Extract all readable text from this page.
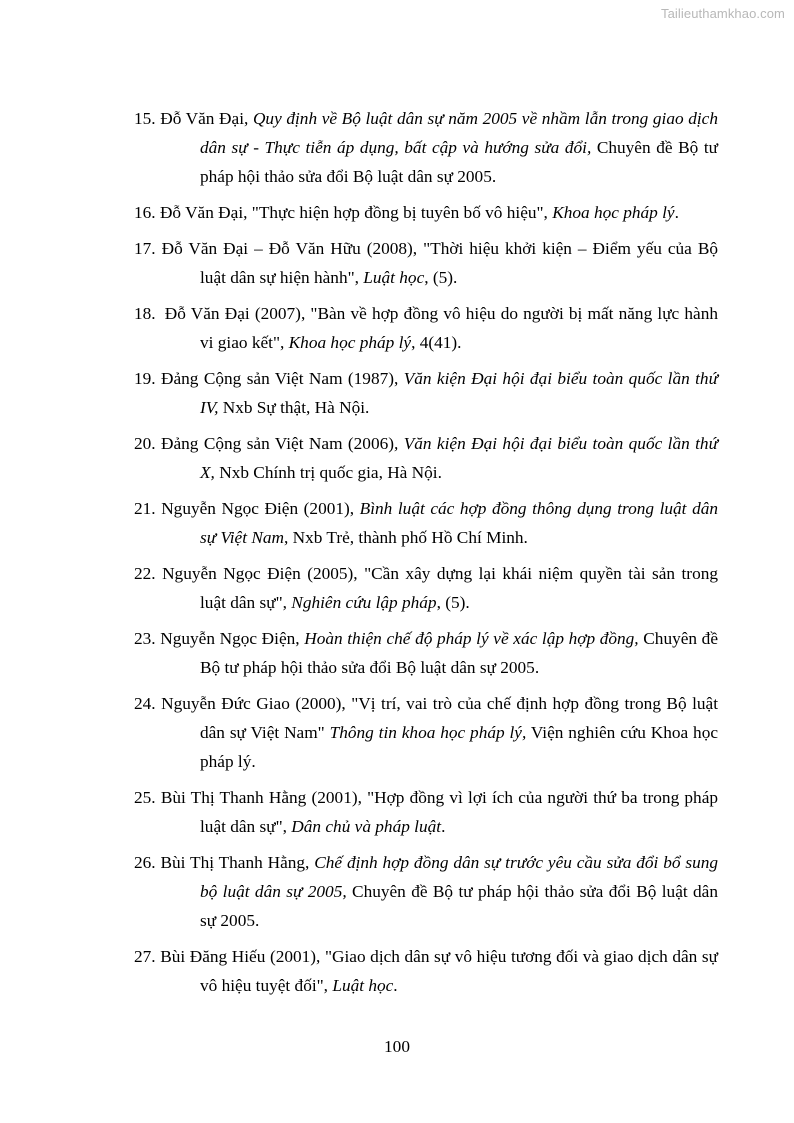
Tailieuthamkhao.com
15. Đỗ Văn Đại, Quy định về Bộ luật dân sự năm 2005 về nhầm lẫn trong giao dịch dân sự - Thực tiễn áp dụng, bất cập và hướng sửa đổi, Chuyên đề Bộ tư pháp hội thảo sửa đổi Bộ luật dân sự 2005.
16. Đỗ Văn Đại, "Thực hiện hợp đồng bị tuyên bố vô hiệu", Khoa học pháp lý.
17. Đỗ Văn Đại – Đỗ Văn Hữu (2008), "Thời hiệu khởi kiện – Điểm yếu của Bộ luật dân sự hiện hành", Luật học, (5).
18. Đỗ Văn Đại (2007), "Bàn về hợp đồng vô hiệu do người bị mất năng lực hành vi giao kết", Khoa học pháp lý, 4(41).
19. Đảng Cộng sản Việt Nam (1987), Văn kiện Đại hội đại biểu toàn quốc lần thứ IV, Nxb Sự thật, Hà Nội.
20. Đảng Cộng sản Việt Nam (2006), Văn kiện Đại hội đại biểu toàn quốc lần thứ X, Nxb Chính trị quốc gia, Hà Nội.
21. Nguyễn Ngọc Điện (2001), Bình luật các hợp đồng thông dụng trong luật dân sự Việt Nam, Nxb Trẻ, thành phố Hồ Chí Minh.
22. Nguyễn Ngọc Điện (2005), "Cần xây dựng lại khái niệm quyền tài sản trong luật dân sự", Nghiên cứu lập pháp, (5).
23. Nguyễn Ngọc Điện, Hoàn thiện chế độ pháp lý về xác lập hợp đồng, Chuyên đề Bộ tư pháp hội thảo sửa đổi Bộ luật dân sự 2005.
24. Nguyễn Đức Giao (2000), "Vị trí, vai trò của chế định hợp đồng trong Bộ luật dân sự Việt Nam" Thông tin khoa học pháp lý, Viện nghiên cứu Khoa học pháp lý.
25. Bùi Thị Thanh Hằng (2001), "Hợp đồng vì lợi ích của người thứ ba trong pháp luật dân sự", Dân chủ và pháp luật.
26. Bùi Thị Thanh Hằng, Chế định hợp đồng dân sự trước yêu cầu sửa đổi bổ sung bộ luật dân sự 2005, Chuyên đề Bộ tư pháp hội thảo sửa đổi Bộ luật dân sự 2005.
27. Bùi Đăng Hiếu (2001), "Giao dịch dân sự vô hiệu tương đối và giao dịch dân sự vô hiệu tuyệt đối", Luật học.
100
